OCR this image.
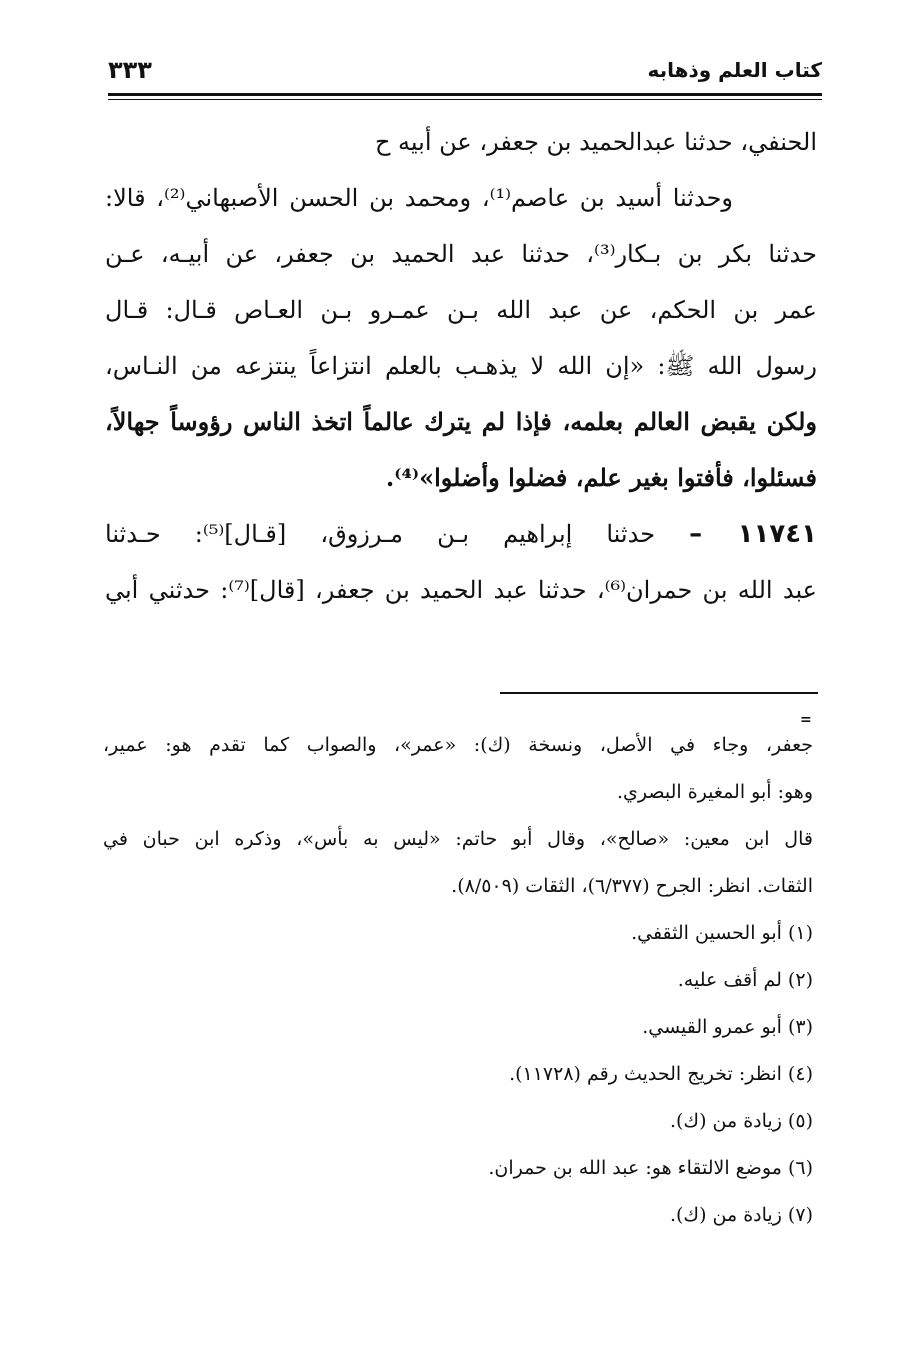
كتاب العلم وذهابه
٣٣٣
الحنفي، حدثنا عبدالحميد بن جعفر، عن أبيه ح
وحدثنا أسيد بن عاصم⁽¹⁾، ومحمد بن الحسن الأصبهاني⁽²⁾، قالا:
حدثنا بكر بن بـكار⁽³⁾، حدثنا عبد الحميد بن جعفر، عن أبيـه، عـن
عمر بن الحكم، عن عبد الله بـن عمـرو بـن العـاص قـال: قـال
رسول الله ﷺ: «إن الله لا يذهـب بالعلم انتزاعاً ينتزعه من النـاس،
ولكن يقبض العالم بعلمه، فإذا لم يترك عالماً اتخذ الناس رؤوساً جهالاً،
فسئلوا، فأفتوا بغير علم، فضلوا وأضلوا»⁽⁴⁾.
١١٧٤١ – حدثنا إبراهيم بـن مـرزوق، [قـال]⁽⁵⁾: حـدثنا
عبد الله بن حمران⁽⁶⁾، حدثنا عبد الحميد بن جعفر، [قال]⁽⁷⁾: حدثني أبي
=
جعفر، وجاء في الأصل، ونسخة (ك): «عمر»، والصواب كما تقدم هو: عمير،
وهو: أبو المغيرة البصري.
قال ابن معين: «صالح»، وقال أبو حاتم: «ليس به بأس»، وذكره ابن حبان في
الثقات. انظر: الجرح (٦/٣٧٧)، الثقات (٨/٥٠٩).
(١) أبو الحسين الثقفي.
(٢) لم أقف عليه.
(٣) أبو عمرو القيسي.
(٤) انظر: تخريج الحديث رقم (١١٧٢٨).
(٥) زيادة من (ك).
(٦) موضع الالتقاء هو: عبد الله بن حمران.
(٧) زيادة من (ك).
